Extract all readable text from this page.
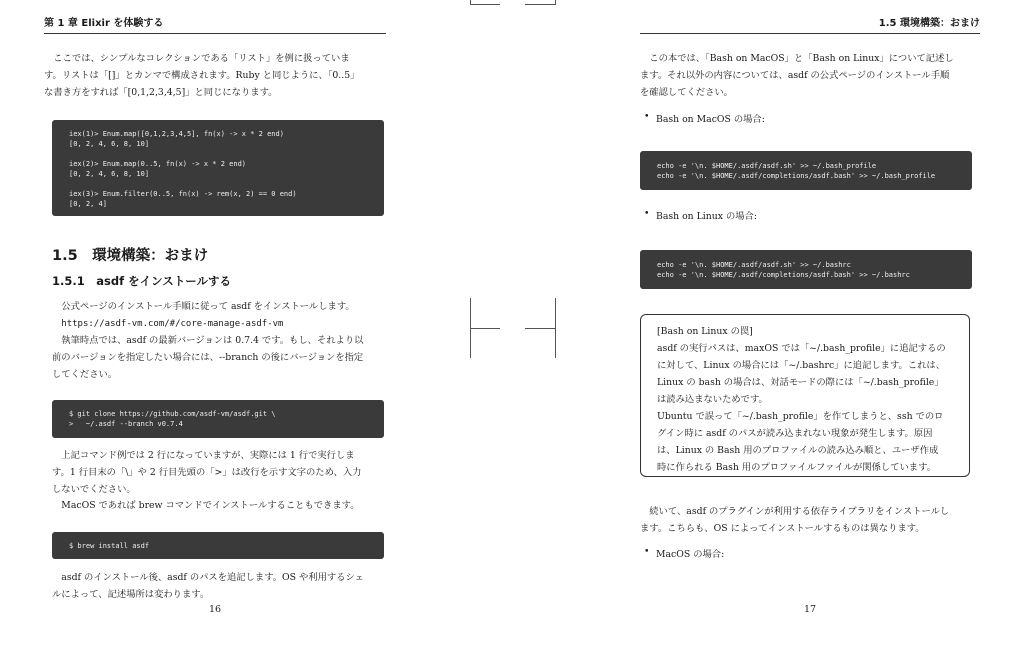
第 1 章 Elixir を体験する

ここでは、シンプルなコレクションである「リスト」を例に扱っていま

す。リストは「[]」とカンマで構成されます。Ruby と同じように、「0..5」

な書き方をすれば「[0,1,2,3,4,5]」と同じになります。

iex(1)> Enum.map([0,1,2,3,4,5], fn(x) -> x * 2 end)
[0, 2, 4, 6, 8, 10]

iex(2)> Enum.map(0..5, fn(x) -> x * 2 end)
[0, 2, 4, 6, 8, 10]

iex(3)> Enum.filter(0..5, fn(x) -> rem(x, 2) == 0 end)
[0, 2, 4]
1.5　環境構築：おまけ
1.5.1　asdf をインストールする

公式ページのインストール手順に従って asdf をインストールします。

https://asdf-vm.com/#/core-manage-asdf-vm

執筆時点では、asdf の最新バージョンは 0.7.4 です。もし、それより以

前のバージョンを指定したい場合には、--branch の後にバージョンを指定

してください。

$ git clone https://github.com/asdf-vm/asdf.git \
>   ~/.asdf --branch v0.7.4

上記コマンド例では 2 行になっていますが、実際には 1 行で実行しま

す。1 行目末の「\」や 2 行目先頭の「>」は改行を示す文字のため、入力

しないでください。

MacOS であれば brew コマンドでインストールすることもできます。

$ brew install asdf

asdf のインストール後、asdf のパスを追記します。OS や利用するシェ

ルによって、記述場所は変わります。

16
1.5 環境構築：おまけ

この本では、「Bash on MacOS」と「Bash on Linux」について記述し

ます。それ以外の内容については、asdf の公式ページのインストール手順

を確認してください。

• Bash on MacOS の場合:
echo -e '\n. $HOME/.asdf/asdf.sh' >> ~/.bash_profile
echo -e '\n. $HOME/.asdf/completions/asdf.bash' >> ~/.bash_profile
• Bash on Linux の場合:
echo -e '\n. $HOME/.asdf/asdf.sh' >> ~/.bashrc
echo -e '\n. $HOME/.asdf/completions/asdf.bash' >> ~/.bashrc
[Bash on Linux の罠]
asdf の実行パスは、maxOS では「~/.bash_profile」に追記するの
に対して、Linux の場合には「~/.bashrc」に追記します。これは、
Linux の bash の場合は、対話モードの際には「~/.bash_profile」
は読み込まないためです。
Ubuntu で誤って「~/.bash_profile」を作てしまうと、ssh でのロ
グイン時に asdf のパスが読み込まれない現象が発生します。原因
は、Linux の Bash 用のプロファイルの読み込み順と、ユーザ作成
時に作られる Bash 用のプロファイルファイルが関係しています。

続いて、asdf のプラグインが利用する依存ライブラリをインストールし

ます。こちらも、OS によってインストールするものは異なります。

• MacOS の場合:
17
